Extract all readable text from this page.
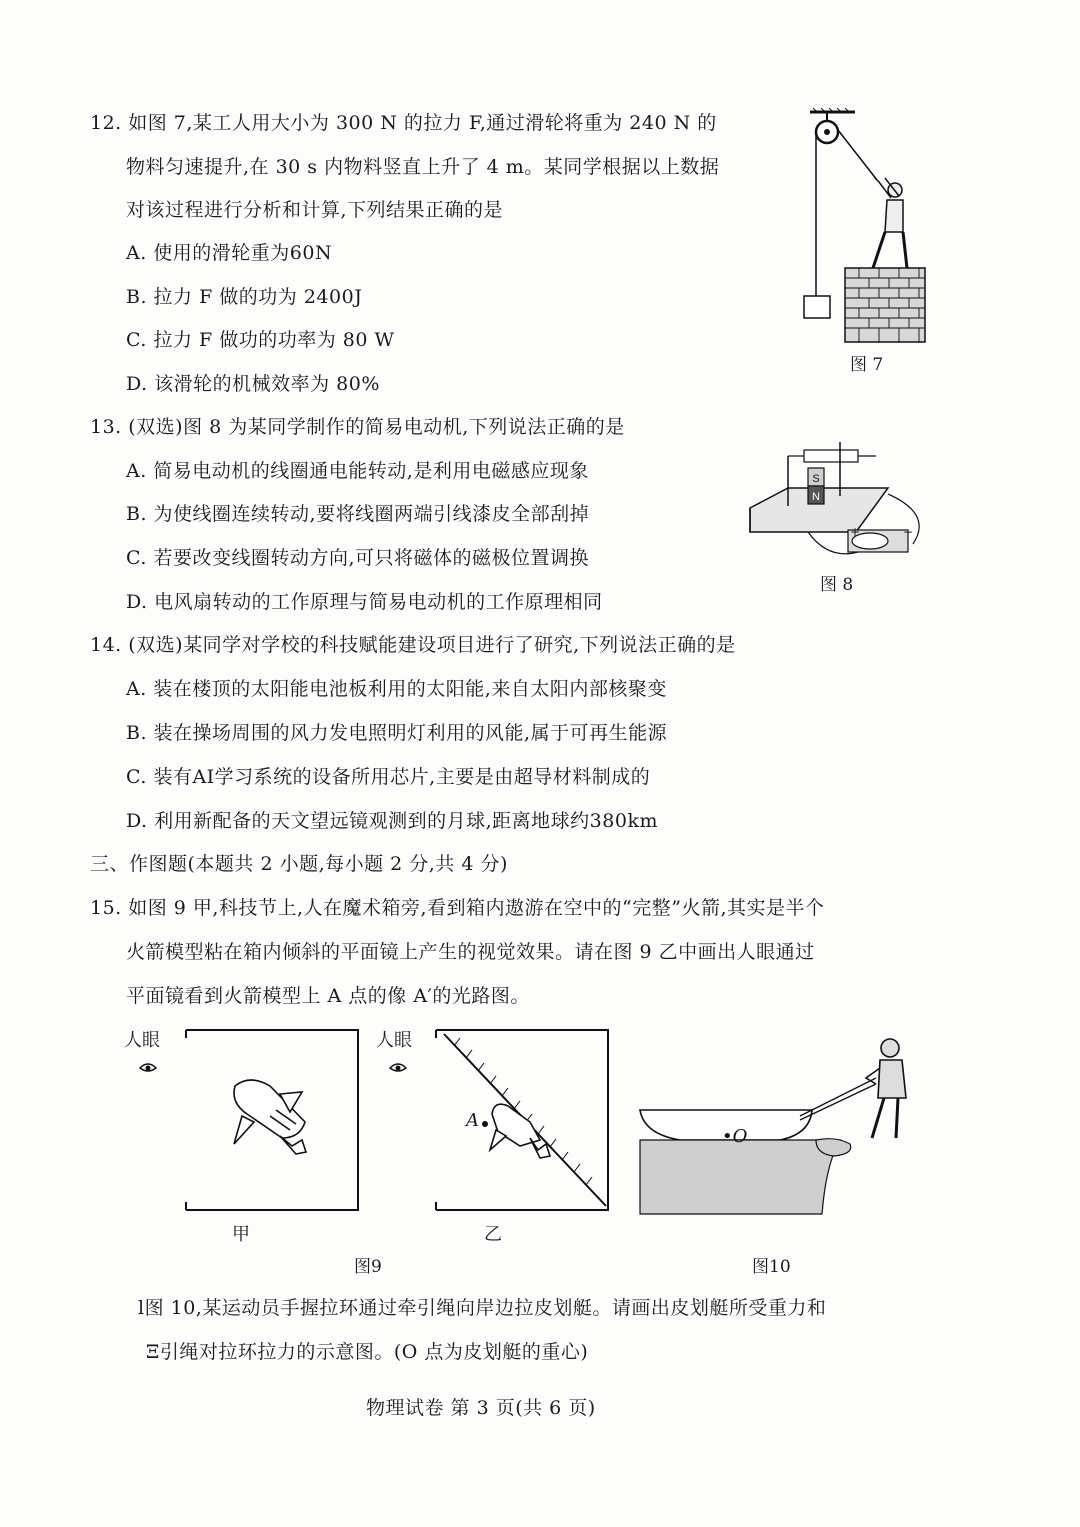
12. 如图 7,某工人用大小为 300 N 的拉力 F,通过滑轮将重为 240 N 的
物料匀速提升,在 30 s 内物料竖直上升了 4 m。某同学根据以上数据
对该过程进行分析和计算,下列结果正确的是
A. 使用的滑轮重为60N
B. 拉力 F 做的功为 2400J
C. 拉力 F 做功的功率为 80 W
D. 该滑轮的机械效率为 80%
图 7
13. (双选)图 8 为某同学制作的简易电动机,下列说法正确的是
A. 简易电动机的线圈通电能转动,是利用电磁感应现象
B. 为使线圈连续转动,要将线圈两端引线漆皮全部刮掉
C. 若要改变线圈转动方向,可只将磁体的磁极位置调换
D. 电风扇转动的工作原理与简易电动机的工作原理相同
S
N
+	−
图 8
14. (双选)某同学对学校的科技赋能建设项目进行了研究,下列说法正确的是
A. 装在楼顶的太阳能电池板利用的太阳能,来自太阳内部核聚变
B. 装在操场周围的风力发电照明灯利用的风能,属于可再生能源
C. 装有AI学习系统的设备所用芯片,主要是由超导材料制成的
D. 利用新配备的天文望远镜观测到的月球,距离地球约380km
三、作图题(本题共 2 小题,每小题 2 分,共 4 分)
15. 如图 9 甲,科技节上,人在魔术箱旁,看到箱内遨游在空中的“完整”火箭,其实是半个
火箭模型粘在箱内倾斜的平面镜上产生的视觉效果。请在图 9 乙中画出人眼通过
平面镜看到火箭模型上 A 点的像 A′的光路图。
人眼
甲
人眼
A
乙
图9
•O
图10
l图 10,某运动员手握拉环通过牵引绳向岸边拉皮划艇。请画出皮划艇所受重力和
Ξ引绳对拉环拉力的示意图。(O 点为皮划艇的重心)
物理试卷 第 3 页(共 6 页)
